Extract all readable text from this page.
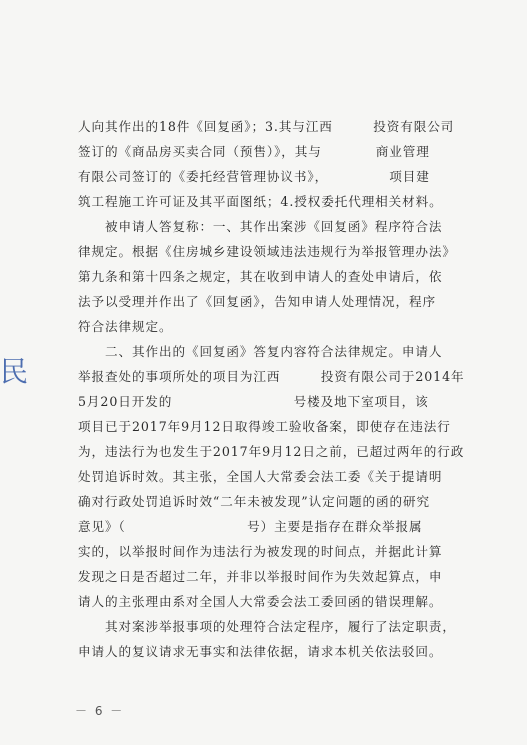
民
人向其作出的18件《回复函》；3.其与江西　　　投资有限公司
签订的《商品房买卖合同（预售）》，其与　　　　商业管理
有限公司签订的《委托经营管理协议书》，　　　　　项目建
筑工程施工许可证及其平面图纸；4.授权委托代理相关材料。
　　被申请人答复称：一、其作出案涉《回复函》程序符合法
律规定。根据《住房城乡建设领域违法违规行为举报管理办法》
第九条和第十四条之规定，其在收到申请人的查处申请后，依
法予以受理并作出了《回复函》，告知申请人处理情况，程序
符合法律规定。
　　二、其作出的《回复函》答复内容符合法律规定。申请人
举报查处的事项所处的项目为江西　　　投资有限公司于2014年
5月20日开发的　　　　　　　　　号楼及地下室项目，该
项目已于2017年9月12日取得竣工验收备案，即使存在违法行
为，违法行为也发生于2017年9月12日之前，已超过两年的行政
处罚追诉时效。其主张，全国人大常委会法工委《关于提请明
确对行政处罚追诉时效“二年未被发现”认定问题的函的研究
意见》（　　　　　　　　　号）主要是指存在群众举报属
实的，以举报时间作为违法行为被发现的时间点，并据此计算
发现之日是否超过二年，并非以举报时间作为失效起算点，申
请人的主张理由系对全国人大常委会法工委回函的错误理解。
　　其对案涉举报事项的处理符合法定程序，履行了法定职责，
申请人的复议请求无事实和法律依据，请求本机关依法驳回。
－ 6 －
